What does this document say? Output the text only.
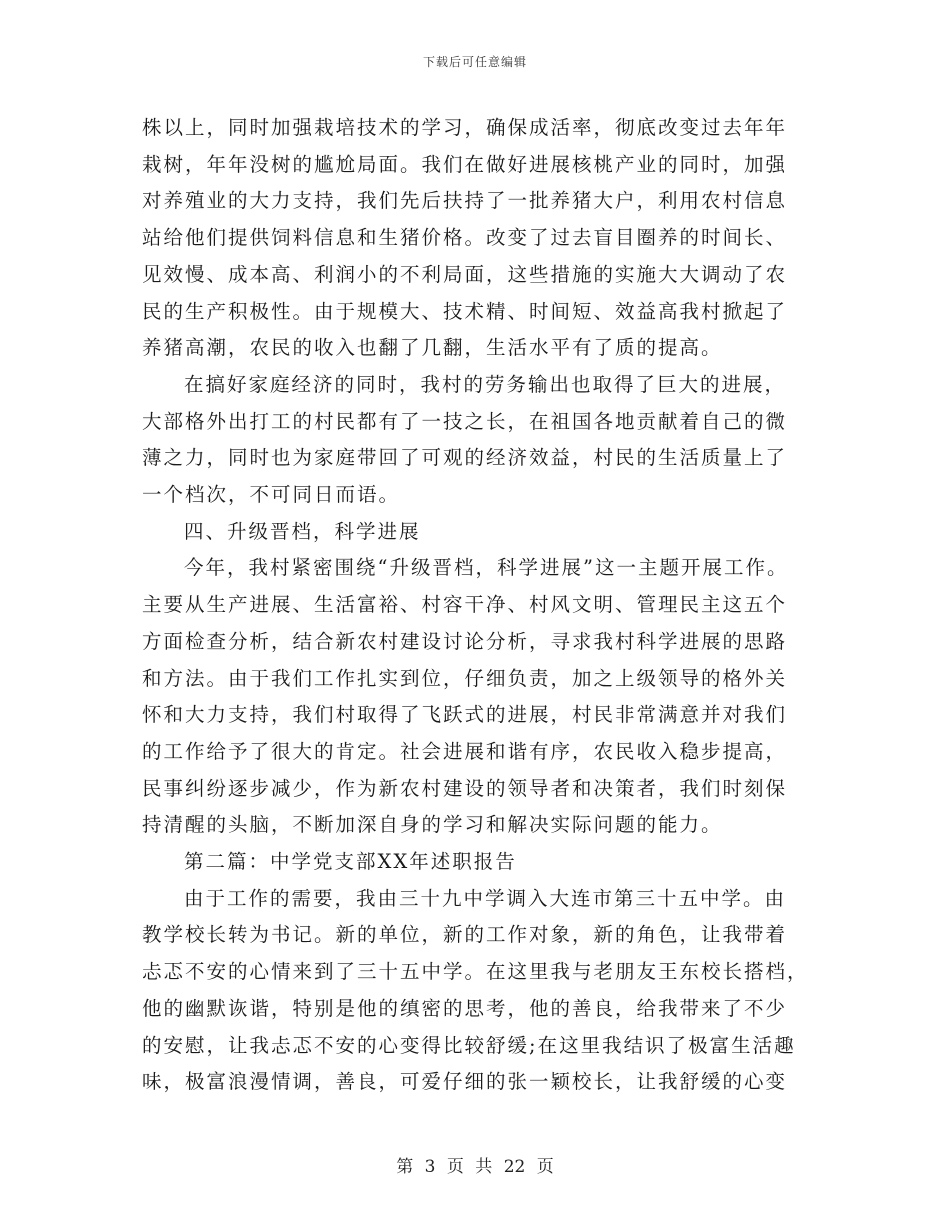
下载后可任意编辑

株以上，同时加强栽培技术的学习，确保成活率，彻底改变过去年年

栽树，年年没树的尴尬局面。我们在做好进展核桃产业的同时，加强

对养殖业的大力支持，我们先后扶持了一批养猪大户，利用农村信息

站给他们提供饲料信息和生猪价格。改变了过去盲目圈养的时间长、

见效慢、成本高、利润小的不利局面，这些措施的实施大大调动了农

民的生产积极性。由于规模大、技术精、时间短、效益高我村掀起了

养猪高潮，农民的收入也翻了几翻，生活水平有了质的提高。

在搞好家庭经济的同时，我村的劳务输出也取得了巨大的进展，

大部格外出打工的村民都有了一技之长，在祖国各地贡献着自己的微

薄之力，同时也为家庭带回了可观的经济效益，村民的生活质量上了

一个档次，不可同日而语。

四、升级晋档，科学进展

今年，我村紧密围绕“升级晋档，科学进展”这一主题开展工作。

主要从生产进展、生活富裕、村容干净、村风文明、管理民主这五个

方面检查分析，结合新农村建设讨论分析，寻求我村科学进展的思路

和方法。由于我们工作扎实到位，仔细负责，加之上级领导的格外关

怀和大力支持，我们村取得了飞跃式的进展，村民非常满意并对我们

的工作给予了很大的肯定。社会进展和谐有序，农民收入稳步提高，

民事纠纷逐步减少，作为新农村建设的领导者和决策者，我们时刻保

持清醒的头脑，不断加深自身的学习和解决实际问题的能力。

第二篇：中学党支部XX年述职报告

由于工作的需要，我由三十九中学调入大连市第三十五中学。由

教学校长转为书记。新的单位，新的工作对象，新的角色，让我带着

忐忑不安的心情来到了三十五中学。在这里我与老朋友王东校长搭档，

他的幽默诙谐，特别是他的缜密的思考，他的善良，给我带来了不少

的安慰，让我忐忑不安的心变得比较舒缓;在这里我结识了极富生活趣

味，极富浪漫情调，善良，可爱仔细的张一颖校长，让我舒缓的心变

第 3 页 共 22 页
